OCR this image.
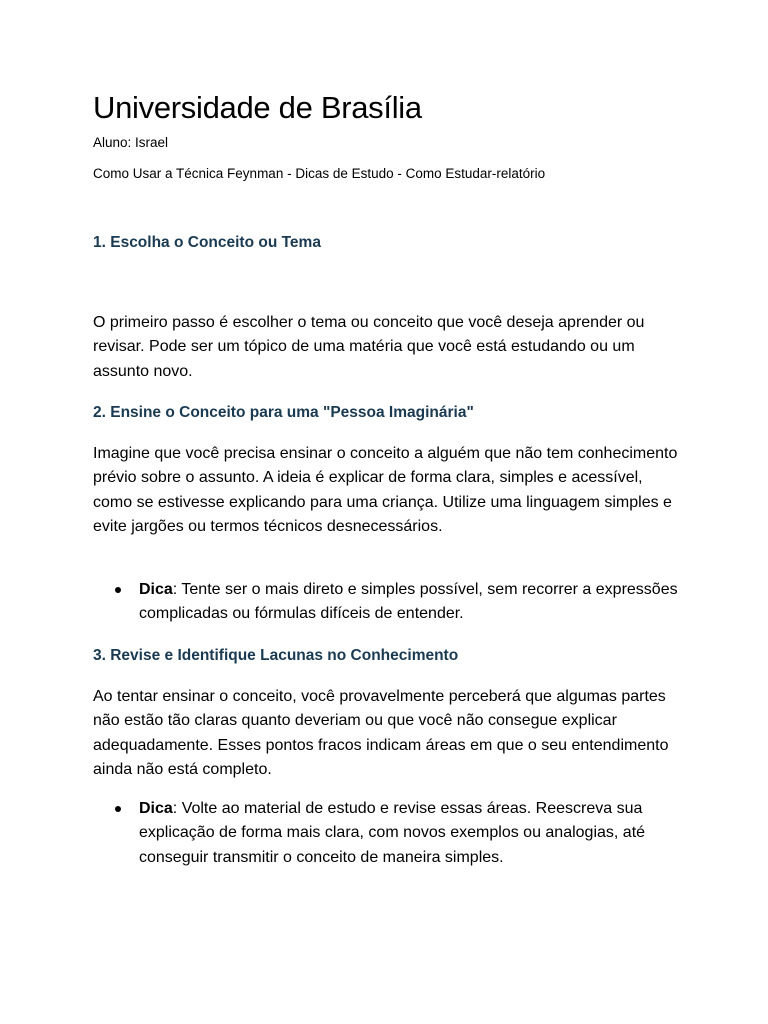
Universidade de Brasília

Aluno: Israel

Como Usar a Técnica Feynman - Dicas de Estudo - Como Estudar-relatório

1. Escolha o Conceito ou Tema

O primeiro passo é escolher o tema ou conceito que você deseja aprender ou revisar. Pode ser um tópico de uma matéria que você está estudando ou um assunto novo.

2. Ensine o Conceito para uma "Pessoa Imaginária"

Imagine que você precisa ensinar o conceito a alguém que não tem conhecimento prévio sobre o assunto. A ideia é explicar de forma clara, simples e acessível, como se estivesse explicando para uma criança. Utilize uma linguagem simples e evite jargões ou termos técnicos desnecessários.

Dica: Tente ser o mais direto e simples possível, sem recorrer a expressões complicadas ou fórmulas difíceis de entender.

3. Revise e Identifique Lacunas no Conhecimento

Ao tentar ensinar o conceito, você provavelmente perceberá que algumas partes não estão tão claras quanto deveriam ou que você não consegue explicar adequadamente. Esses pontos fracos indicam áreas em que o seu entendimento ainda não está completo.

Dica: Volte ao material de estudo e revise essas áreas. Reescreva sua explicação de forma mais clara, com novos exemplos ou analogias, até conseguir transmitir o conceito de maneira simples.
